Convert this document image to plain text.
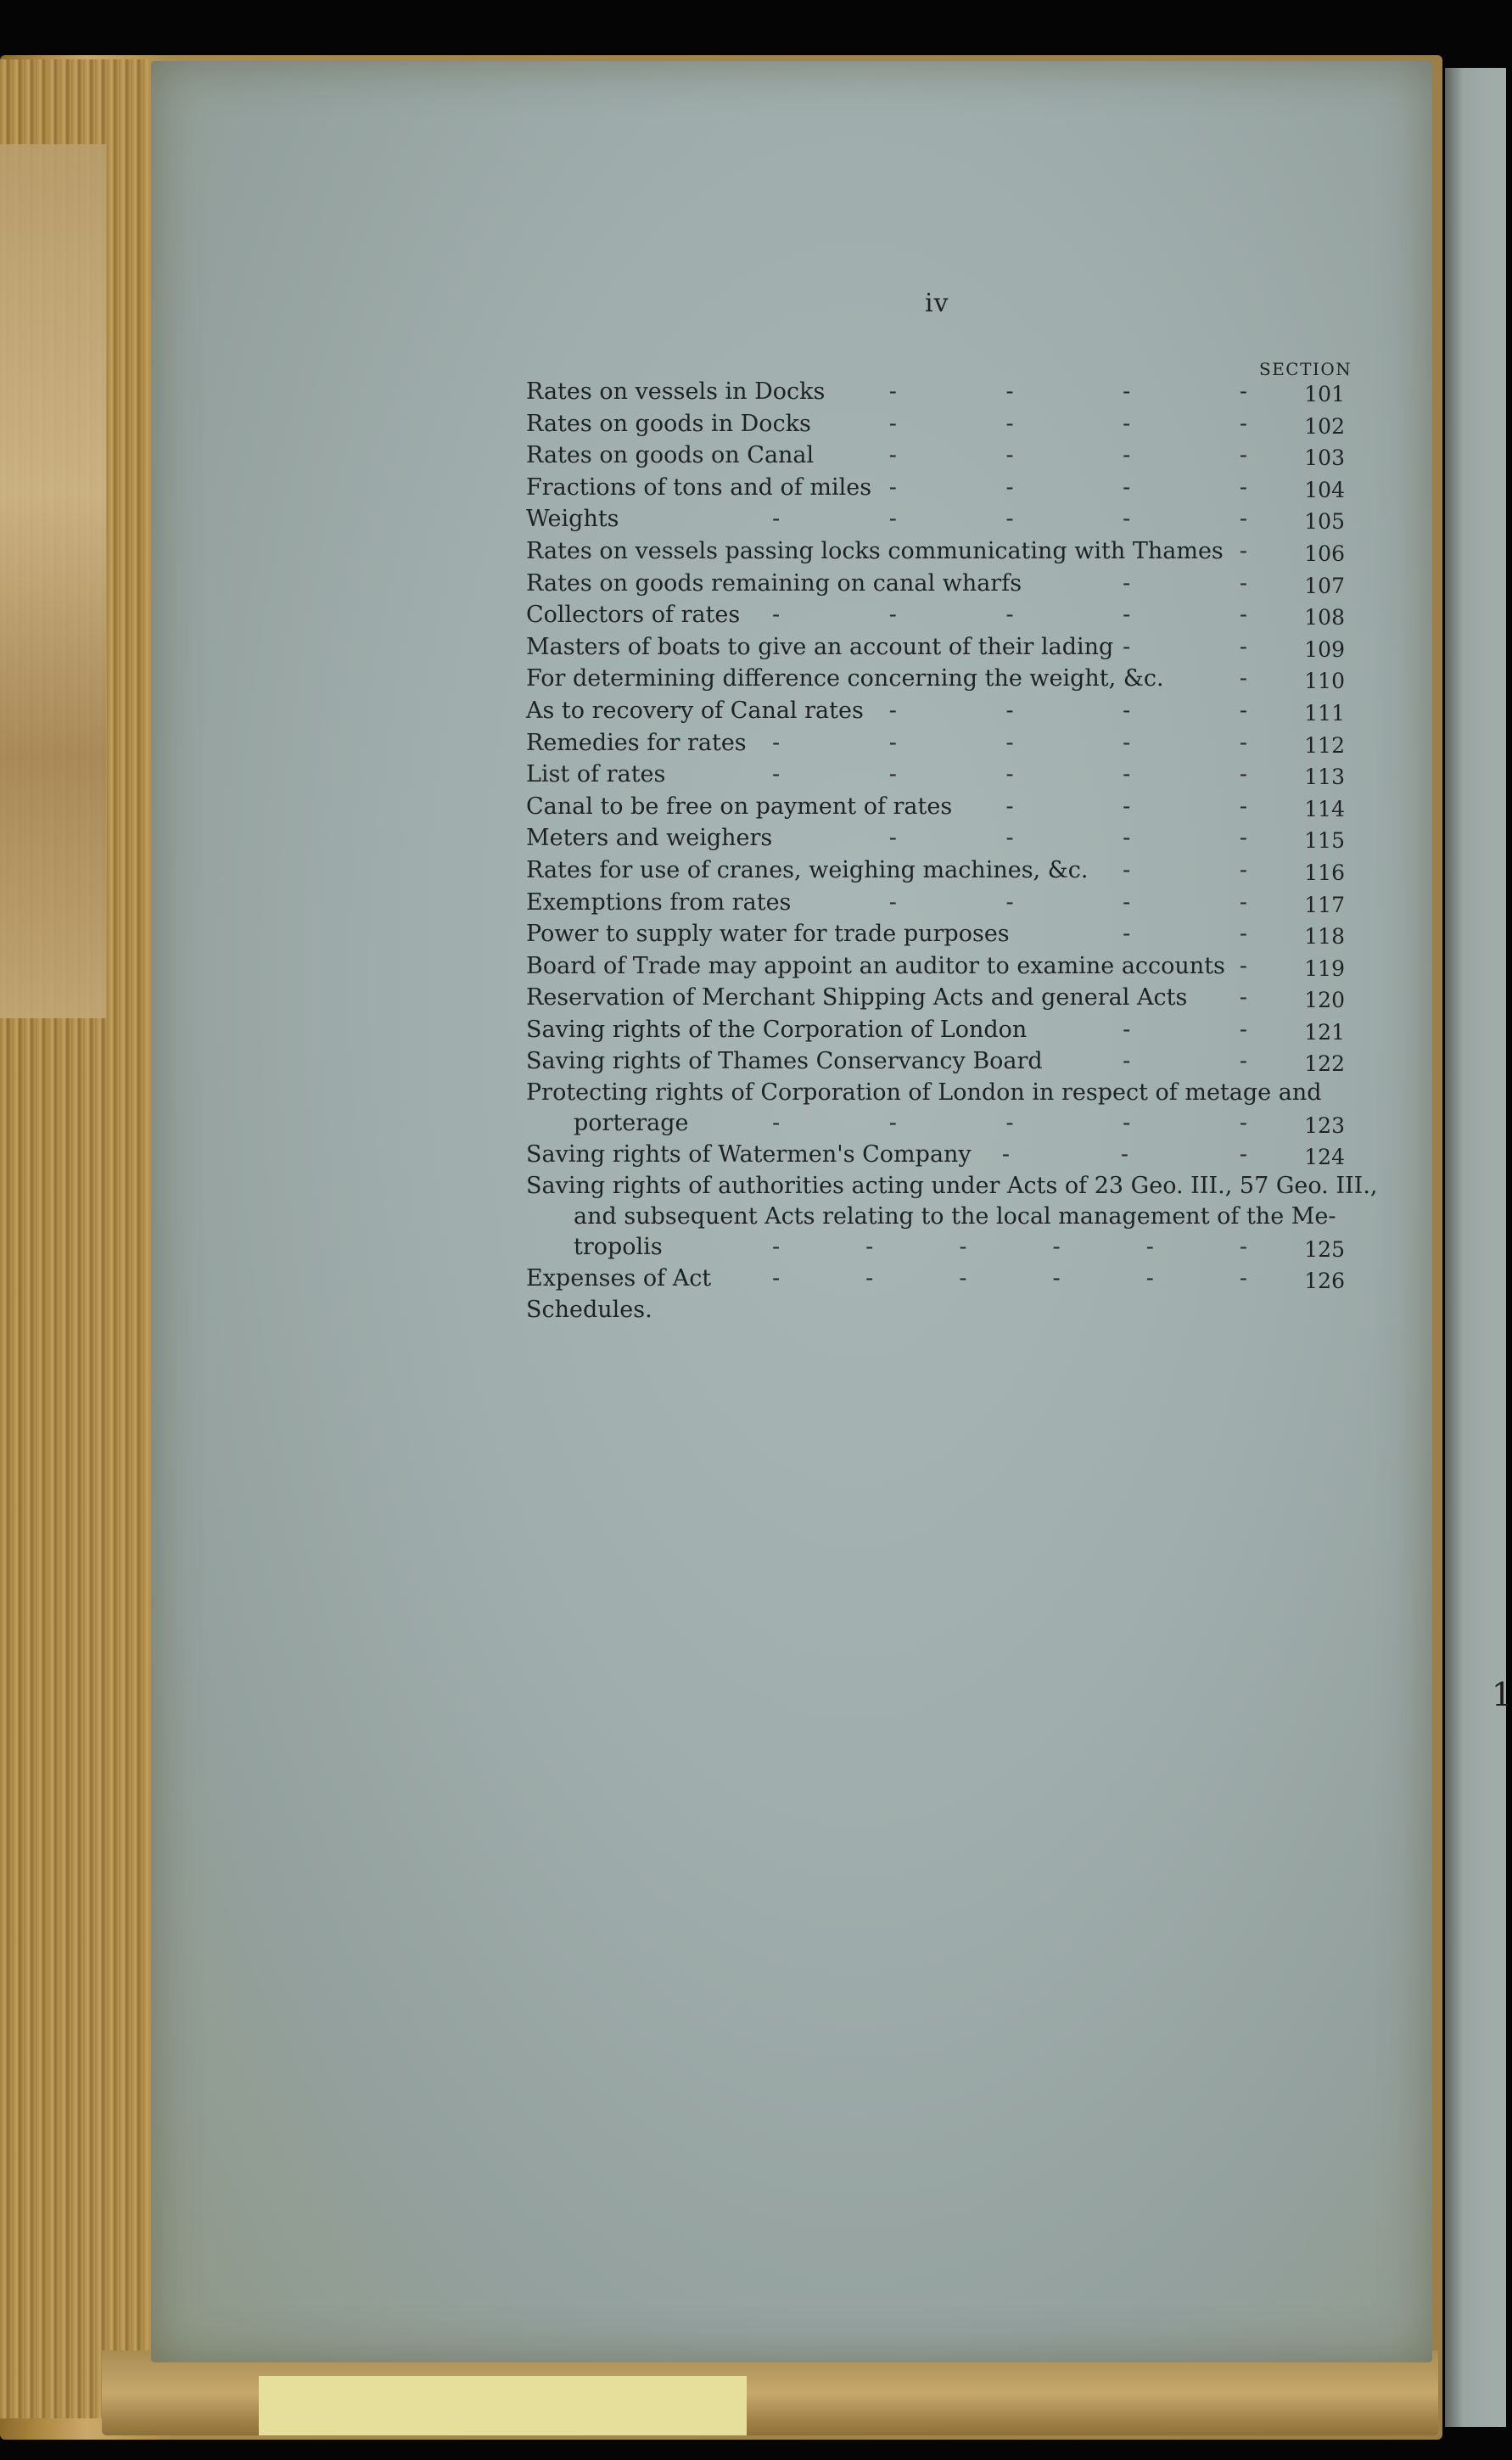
1
iv
SECTION
Rates on vessels in Docks	-	-	-	-	101
Rates on goods in Docks	-	-	-	-	102
Rates on goods on Canal	-	-	-	-	103
Fractions of tons and of miles -	-	-	-	104
Weights	-	-	-	-	-	105
Rates on vessels passing locks communicating with Thames -	106
Rates on goods remaining on canal wharfs	-	-	107
Collectors of rates -	-	-	-	-	108
Masters of boats to give an account of their lading -	-	109
For determining difference concerning the weight, &c.	-	110
As to recovery of Canal rates -	-	-	-	111
Remedies for rates -	-	-	-	-	112
List of rates	-	-	-	-	-	113
Canal to be free on payment of rates -	-	-	114
Meters and weighers	-	-	-	-	115
Rates for use of cranes, weighing machines, &c. -	-	116
Exemptions from rates	-	-	-	-	117
Power to supply water for trade purposes	-	-	118
Board of Trade may appoint an auditor to examine accounts -	119
Reservation of Merchant Shipping Acts and general Acts -	120
Saving rights of the Corporation of London	-	-	121
Saving rights of Thames Conservancy Board	-	-	122
Protecting rights of Corporation of London in respect of metage and
porterage	-	-	-	-	-	123
Saving rights of Watermen's Company -	-	-	124
Saving rights of authorities acting under Acts of 23 Geo. III., 57 Geo. III.,
and subsequent Acts relating to the local management of the Me-
tropolis	-	-	-	-	-	-	125
Expenses of Act	-	-	-	-	-	-	126
Schedules.
